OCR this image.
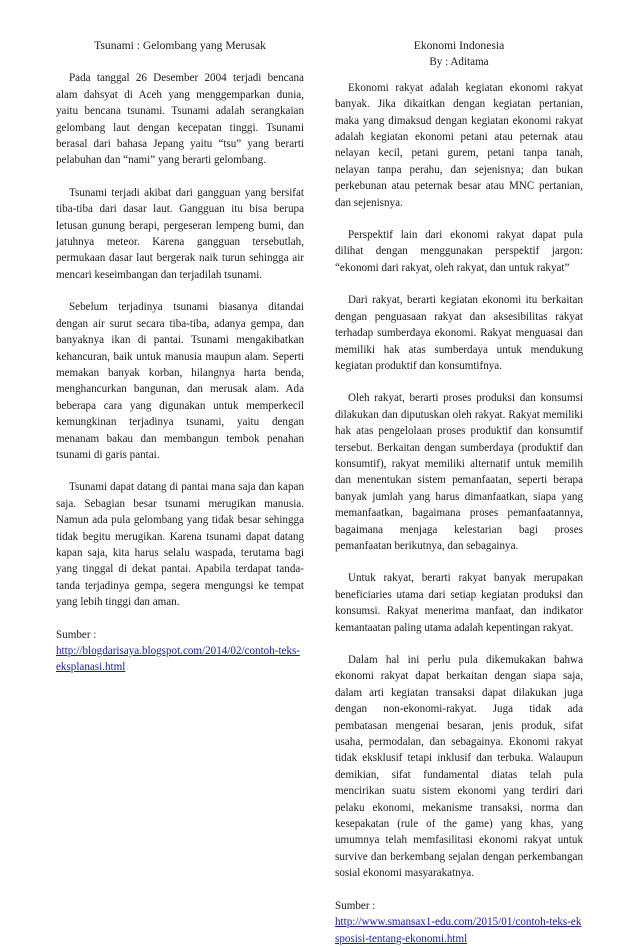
Tsunami : Gelombang yang Merusak

Pada tanggal 26 Desember 2004 terjadi bencana alam dahsyat di Aceh yang menggemparkan dunia, yaitu bencana tsunami. Tsunami adalah serangkaian gelombang laut dengan kecepatan tinggi. Tsunami berasal dari bahasa Jepang yaitu “tsu” yang berarti pelabuhan dan “nami” yang berarti gelombang.

Tsunami terjadi akibat dari gangguan yang bersifat tiba-tiba dari dasar laut. Gangguan itu bisa berupa letusan gunung berapi, pergeseran lempeng bumi, dan jatuhnya meteor. Karena gangguan tersebutlah, permukaan dasar laut bergerak naik turun sehingga air mencari keseimbangan dan terjadilah tsunami.

Sebelum terjadinya tsunami biasanya ditandai dengan air surut secara tiba-tiba, adanya gempa, dan banyaknya ikan di pantai. Tsunami mengakibatkan kehancuran, baik untuk manusia maupun alam. Seperti memakan banyak korban, hilangnya harta benda, menghancurkan bangunan, dan merusak alam. Ada beberapa cara yang digunakan untuk memperkecil kemungkinan terjadinya tsunami, yaitu dengan menanam bakau dan membangun tembok penahan tsunami di garis pantai.

Tsunami dapat datang di pantai mana saja dan kapan saja. Sebagian besar tsunami merugikan manusia. Namun ada pula gelombang yang tidak besar sehingga tidak begitu merugikan. Karena tsunami dapat datang kapan saja, kita harus selalu waspada, terutama bagi yang tinggal di dekat pantai. Apabila terdapat tanda-tanda terjadinya gempa, segera mengungsi ke tempat yang lebih tinggi dan aman.

Sumber :
http://blogdarisaya.blogspot.com/2014/02/contoh-teks-eksplanasi.html

Ekonomi Indonesia

By : Aditama

Ekonomi rakyat adalah kegiatan ekonomi rakyat banyak. Jika dikaitkan dengan kegiatan pertanian, maka yang dimaksud dengan kegiatan ekonomi rakyat adalah kegiatan ekonomi petani atau peternak atau nelayan kecil, petani gurem, petani tanpa tanah, nelayan tanpa perahu, dan sejenisnya; dan bukan perkebunan atau peternak besar atau MNC pertanian, dan sejenisnya.

Perspektif lain dari ekonomi rakyat dapat pula dilihat dengan menggunakan perspektif jargon: “ekonomi dari rakyat, oleh rakyat, dan untuk rakyat”

Dari rakyat, berarti kegiatan ekonomi itu berkaitan dengan penguasaan rakyat dan aksesibilitas rakyat terhadap sumberdaya ekonomi. Rakyat menguasai dan memiliki hak atas sumberdaya untuk mendukung kegiatan produktif dan konsumtifnya.

Oleh rakyat, berarti proses produksi dan konsumsi dilakukan dan diputuskan oleh rakyat. Rakyat memiliki hak atas pengelolaan proses produktif dan konsumtif tersebut. Berkaitan dengan sumberdaya (produktif dan konsumtif), rakyat memiliki alternatif untuk memilih dan menentukan sistem pemanfaatan, seperti berapa banyak jumlah yang harus dimanfaatkan, siapa yang memanfaatkan, bagaimana proses pemanfaatannya, bagaimana menjaga kelestarian bagi proses pemanfaatan berikutnya, dan sebagainya.

Untuk rakyat, berarti rakyat banyak merupakan beneficiaries utama dari setiap kegiatan produksi dan konsumsi. Rakyat menerima manfaat, dan indikator kemantaatan paling utama adalah kepentingan rakyat.

Dalam hal ini perlu pula dikemukakan bahwa ekonomi rakyat dapat berkaitan dengan siapa saja, dalam arti kegiatan transaksi dapat dilakukan juga dengan non-ekonomi-rakyat. Juga tidak ada pembatasan mengenai besaran, jenis produk, sifat usaha, permodalan, dan sebagainya. Ekonomi rakyat tidak eksklusif tetapi inklusif dan terbuka. Walaupun demikian, sifat fundamental diatas telah pula mencirikan suatu sistem ekonomi yang terdiri dari pelaku ekonomi, mekanisme transaksi, norma dan kesepakatan (rule of the game) yang khas, yang umumnya telah memfasilitasi ekonomi rakyat untuk survive dan berkembang sejalan dengan perkembangan sosial ekonomi masyarakatnya.

Sumber :
http://www.smansax1-edu.com/2015/01/contoh-teks-eksposisi-tentang-ekonomi.html
